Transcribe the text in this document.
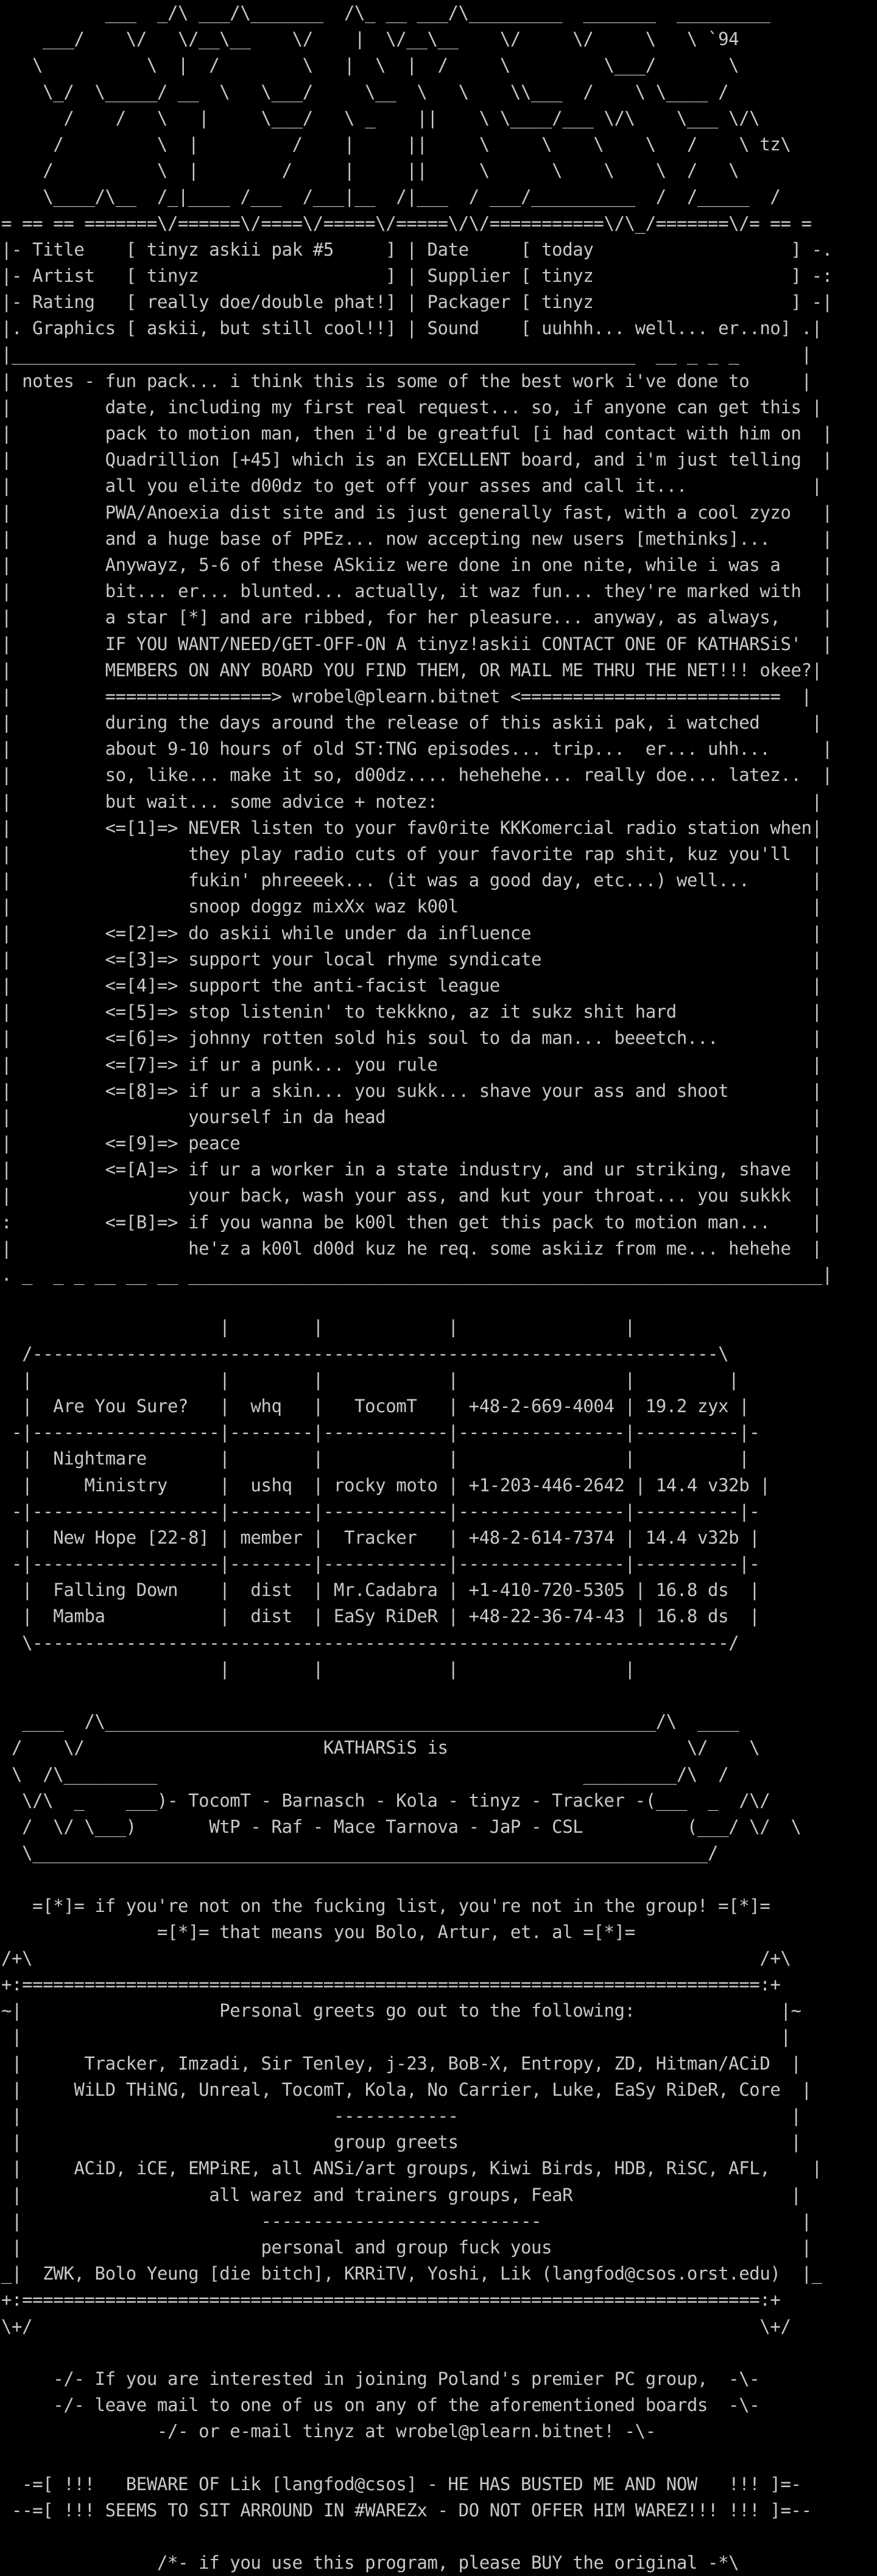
___  _/\ ___/\_______  /\_ __ ___/\_________  _______  _________
___/    \/   \/__\__    \/    |  \/__\__    \/     \/     \   \ `94
\          \  |  /        \   |  \  |  /     \         \___/       \
\_/  \_____/ __  \   \___/     \__  \   \    \\___  /    \ \____ /
/    /   \   |     \___/   \ _    ||    \ \____/___ \/\    \___ \/\
/         \  |         /    |     ||     \     \    \    \   /    \ tz\
/          \  |        /     |     ||     \      \    \    \  /   \
\____/\__  /_|____ /___  /___|__  /|___  / ___/__________  /  /_____  /
= == == =======\/======\/====\/=====\/=====\/\/===========\/\_/=======\/= == =
|- Title    [ tinyz askii pak #5     ] | Date     [ today                   ] -.
|- Artist   [ tinyz                  ] | Supplier [ tinyz                   ] -:
|- Rating   [ really doe/double phat!] | Packager [ tinyz                   ] -|
|. Graphics [ askii, but still cool!!] | Sound    [ uuhhh... well... er..no] .|
|____________________________________________________________  __ _ _ _      |
| notes - fun pack... i think this is some of the best work i've done to     |
|         date, including my first real request... so, if anyone can get this |
|         pack to motion man, then i'd be greatful [i had contact with him on  |
|         Quadrillion [+45] which is an EXCELLENT board, and i'm just telling  |
|         all you elite d00dz to get off your asses and call it...            |
|         PWA/Anoexia dist site and is just generally fast, with a cool zyzo   |
|         and a huge base of PPEz... now accepting new users [methinks]...     |
|         Anywayz, 5-6 of these ASkiiz were done in one nite, while i was a    |
|         bit... er... blunted... actually, it waz fun... they're marked with  |
|         a star [*] and are ribbed, for her pleasure... anyway, as always,    |
|         IF YOU WANT/NEED/GET-OFF-ON A tinyz!askii CONTACT ONE OF KATHARSiS'  |
|         MEMBERS ON ANY BOARD YOU FIND THEM, OR MAIL ME THRU THE NET!!! okee?|
|         ================> wrobel@plearn.bitnet <=========================  |
|         during the days around the release of this askii pak, i watched     |
|         about 9-10 hours of old ST:TNG episodes... trip...  er... uhh...     |
|         so, like... make it so, d00dz.... hehehehe... really doe... latez..  |
|         but wait... some advice + notez:                                    |
|         <=[1]=> NEVER listen to your fav0rite KKKomercial radio station when|
|                 they play radio cuts of your favorite rap shit, kuz you'll  |
|                 fukin' phreeeek... (it was a good day, etc...) well...      |
|                 snoop doggz mixXx waz k00l                                  |
|         <=[2]=> do askii while under da influence                           |
|         <=[3]=> support your local rhyme syndicate                          |
|         <=[4]=> support the anti-facist league                              |
|         <=[5]=> stop listenin' to tekkkno, az it sukz shit hard             |
|         <=[6]=> johnny rotten sold his soul to da man... beeetch...         |
|         <=[7]=> if ur a punk... you rule                                    |
|         <=[8]=> if ur a skin... you sukk... shave your ass and shoot        |
|                 yourself in da head                                         |
|         <=[9]=> peace                                                       |
|         <=[A]=> if ur a worker in a state industry, and ur striking, shave  |
|                 your back, wash your ass, and kut your throat... you sukkk  |
:         <=[B]=> if you wanna be k00l then get this pack to motion man...    |
|                 he'z a k00l d00d kuz he req. some askiiz from me... hehehe  |
. _  _ _ __ __ __ _____________________________________________________________|

|        |            |                |
/------------------------------------------------------------------\
|                  |        |            |                |         |
|  Are You Sure?   |  whq   |   TocomT   | +48-2-669-4004 | 19.2 zyx |
-|------------------|--------|------------|----------------|----------|-
|  Nightmare       |        |            |                |          |
|     Ministry     |  ushq  | rocky moto | +1-203-446-2642 | 14.4 v32b |
-|------------------|--------|------------|----------------|----------|-
|  New Hope [22-8] | member |  Tracker   | +48-2-614-7374 | 14.4 v32b |
-|------------------|--------|------------|----------------|----------|-
|  Falling Down    |  dist  | Mr.Cadabra | +1-410-720-5305 | 16.8 ds  |
|  Mamba           |  dist  | EaSy RiDeR | +48-22-36-74-43 | 16.8 ds  |
\-------------------------------------------------------------------/
|        |            |                |

____  /\_____________________________________________________/\  ____
/    \/                       KATHARSiS is                       \/    \
\  /\_________                                         _________/\  /
\/\  _    ___)- TocomT - Barnasch - Kola - tinyz - Tracker -(___  _  /\/
/  \/ \___)       WtP - Raf - Mace Tarnova - JaP - CSL          (___/ \/  \
\_________________________________________________________________/

=[*]= if you're not on the fucking list, you're not in the group! =[*]=
=[*]= that means you Bolo, Artur, et. al =[*]=
/+\                                                                      /+\
+:=======================================================================:+
~|                   Personal greets go out to the following:              |~
|                                                                         |
|      Tracker, Imzadi, Sir Tenley, j-23, BoB-X, Entropy, ZD, Hitman/ACiD  |
|     WiLD THiNG, Unreal, TocomT, Kola, No Carrier, Luke, EaSy RiDeR, Core  |
|                              ------------                                |
|                              group greets                                |
|     ACiD, iCE, EMPiRE, all ANSi/art groups, Kiwi Birds, HDB, RiSC, AFL,    |
|                  all warez and trainers groups, FeaR                     |
|                       ---------------------------                         |
|                       personal and group fuck yous                        |
_|  ZWK, Bolo Yeung [die bitch], KRRiTV, Yoshi, Lik (langfod@csos.orst.edu)  |_
+:=======================================================================:+
\+/                                                                      \+/

-/- If you are interested in joining Poland's premier PC group,  -\-
-/- leave mail to one of us on any of the aforementioned boards  -\-
-/- or e-mail tinyz at wrobel@plearn.bitnet! -\-

-=[ !!!   BEWARE OF Lik [langfod@csos] - HE HAS BUSTED ME AND NOW   !!! ]=-
--=[ !!! SEEMS TO SIT ARROUND IN #WAREZx - DO NOT OFFER HIM WAREZ!!! !!! ]=--

/*- if you use this program, please BUY the original -*\
